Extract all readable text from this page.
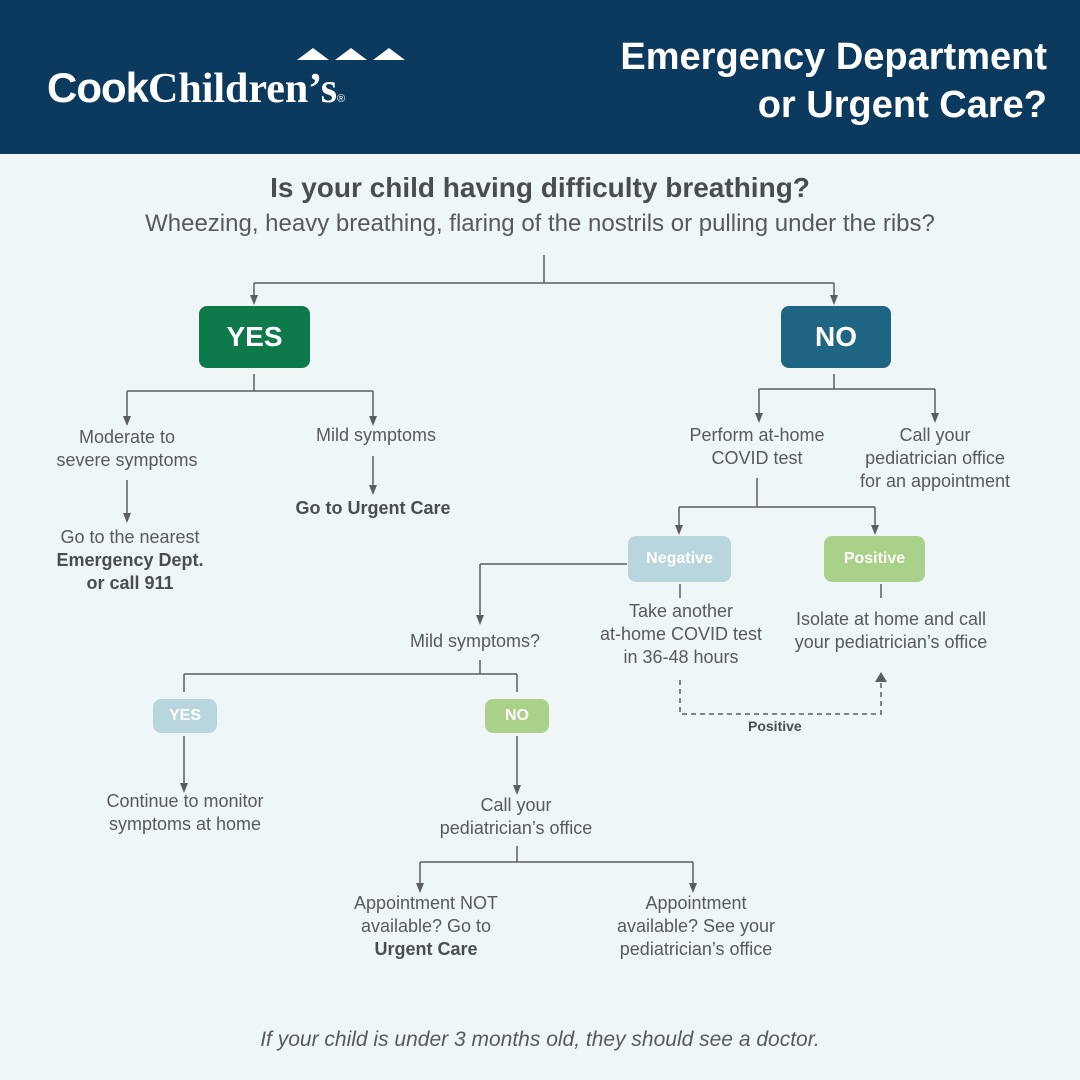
CookChildren’s®
Emergency Department
or Urgent Care?
Is your child having difficulty breathing?
Wheezing, heavy breathing, flaring of the nostrils or pulling under the ribs?
YES	NO
Moderate to
severe symptoms
Mild symptoms
Go to Urgent Care
Go to the nearest
Emergency Dept.
or call 911
Perform at-home
COVID test
Call your
pediatrician office
for an appointment
Negative	Positive
Take another
at-home COVID test
in 36-48 hours
Isolate at home and call
your pediatrician’s office
Positive
Mild symptoms?
YES	NO
Continue to monitor
symptoms at home
Call your
pediatrician’s office
Appointment NOT
available? Go to
Urgent Care
Appointment
available? See your
pediatrician’s office
If your child is under 3 months old, they should see a doctor.
